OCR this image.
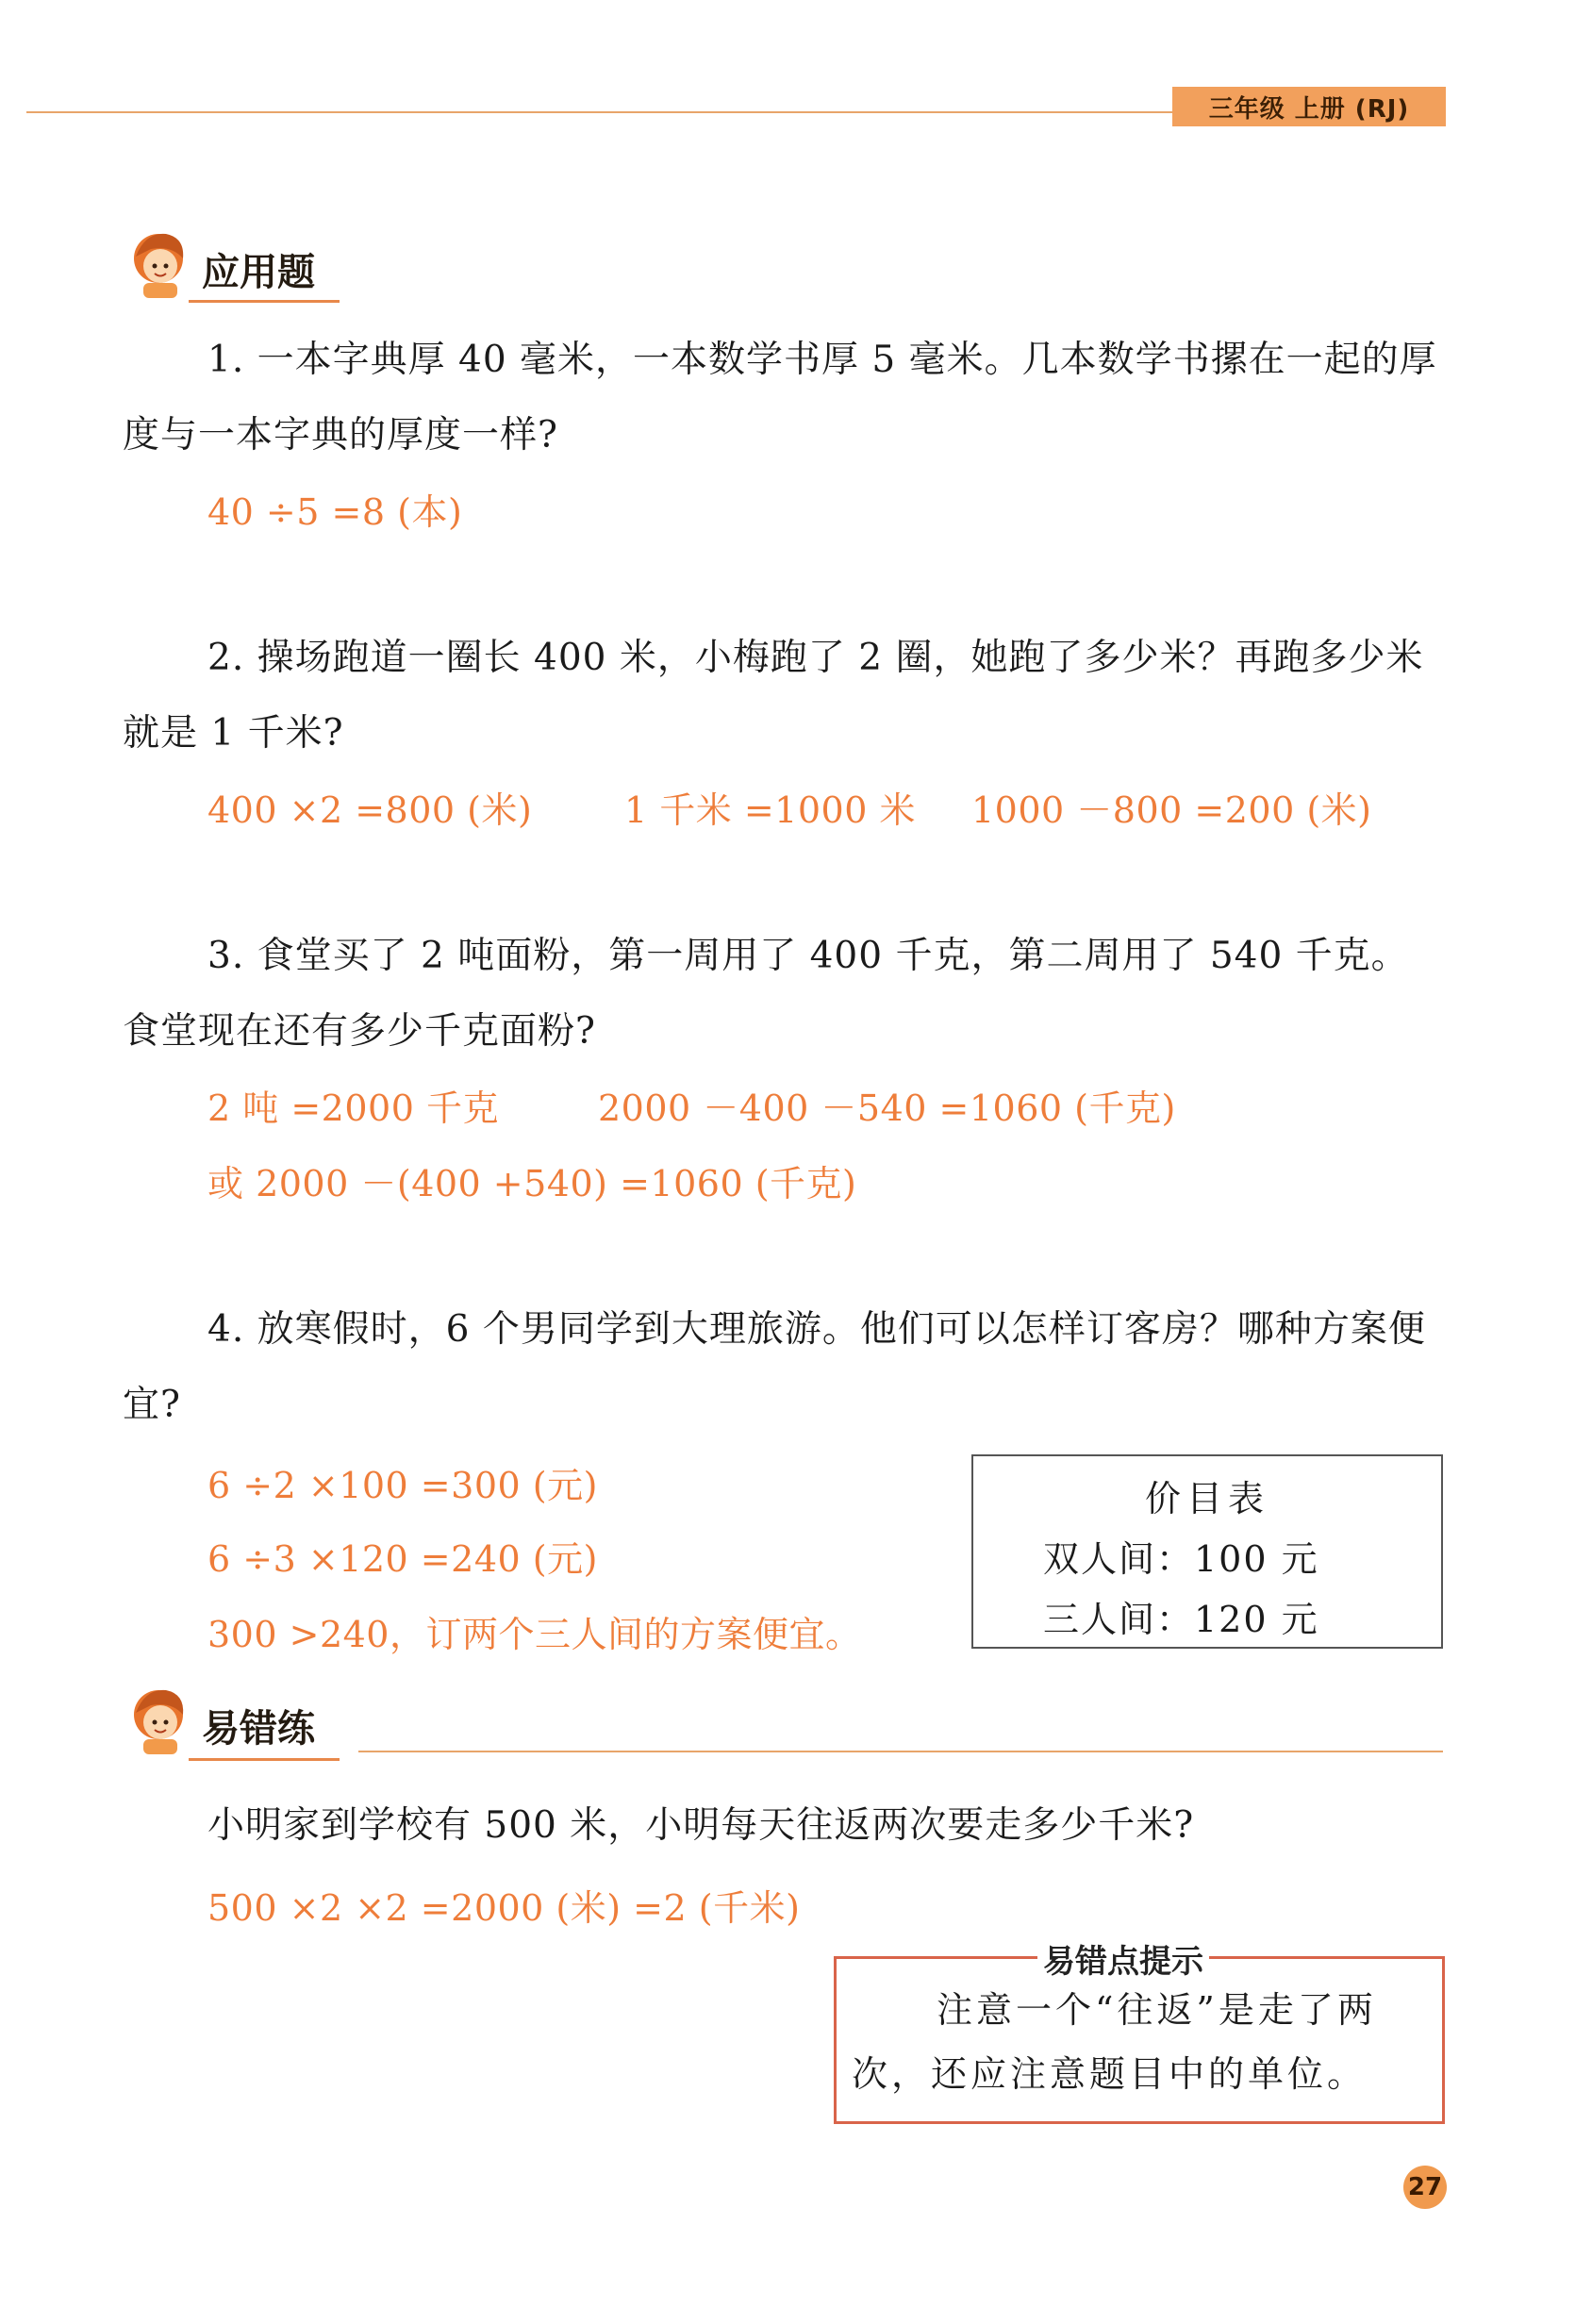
三年级 上册 (RJ)
应用题
1. 一本字典厚 40 毫米，一本数学书厚 5 毫米。几本数学书摞在一起的厚度与一本字典的厚度一样?
40 ÷5 =8 (本)
2. 操场跑道一圈长 400 米，小梅跑了 2 圈，她跑了多少米？再跑多少米就是 1 千米?
400 ×2 =800 (米)	1 千米 =1000 米 1000 －800 =200 (米)
3. 食堂买了 2 吨面粉，第一周用了 400 千克，第二周用了 540 千克。食堂现在还有多少千克面粉?
2 吨 =2000 千克	2000 －400 －540 =1060 (千克)
或 2000 －(400 +540) =1060 (千克)
4. 放寒假时，6 个男同学到大理旅游。他们可以怎样订客房？哪种方案便宜?
6 ÷2 ×100 =300 (元)
6 ÷3 ×120 =240 (元)
300 >240，订两个三人间的方案便宜。
价目表
双人间：100 元
三人间：120 元
易错练
小明家到学校有 500 米，小明每天往返两次要走多少千米?
500 ×2 ×2 =2000 (米) =2 (千米)
注意一个“往返”是走了两次，还应注意题目中的单位。
易错点提示
27
